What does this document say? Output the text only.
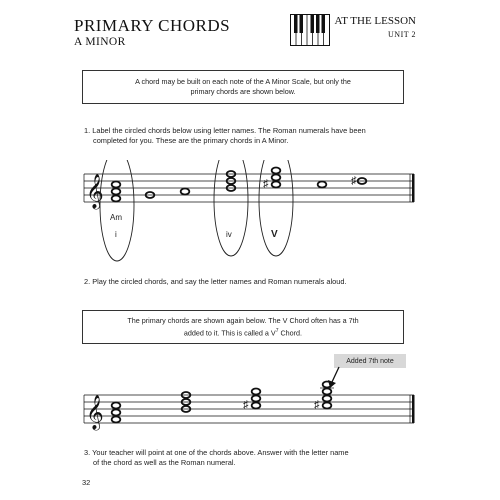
PRIMARY CHORDS
A MINOR
AT THE LESSON
UNIT 2
A chord may be built on each note of the A Minor Scale, but only the
primary chords are shown below.
1. Label the circled chords below using letter names. The Roman numerals have been
completed for you. These are the primary chords in A Minor.
𝄞
Am
i	iv
♯
V
♯
2. Play the circled chords, and say the letter names and Roman numerals aloud.
The primary chords are shown again below. The V Chord often has a 7th
added to it. This is called a $V^7$ Chord.
Added 7th note
𝄞	♯	♯
3. Your teacher will point at one of the chords above. Answer with the letter name
of the chord as well as the Roman numeral.
32
